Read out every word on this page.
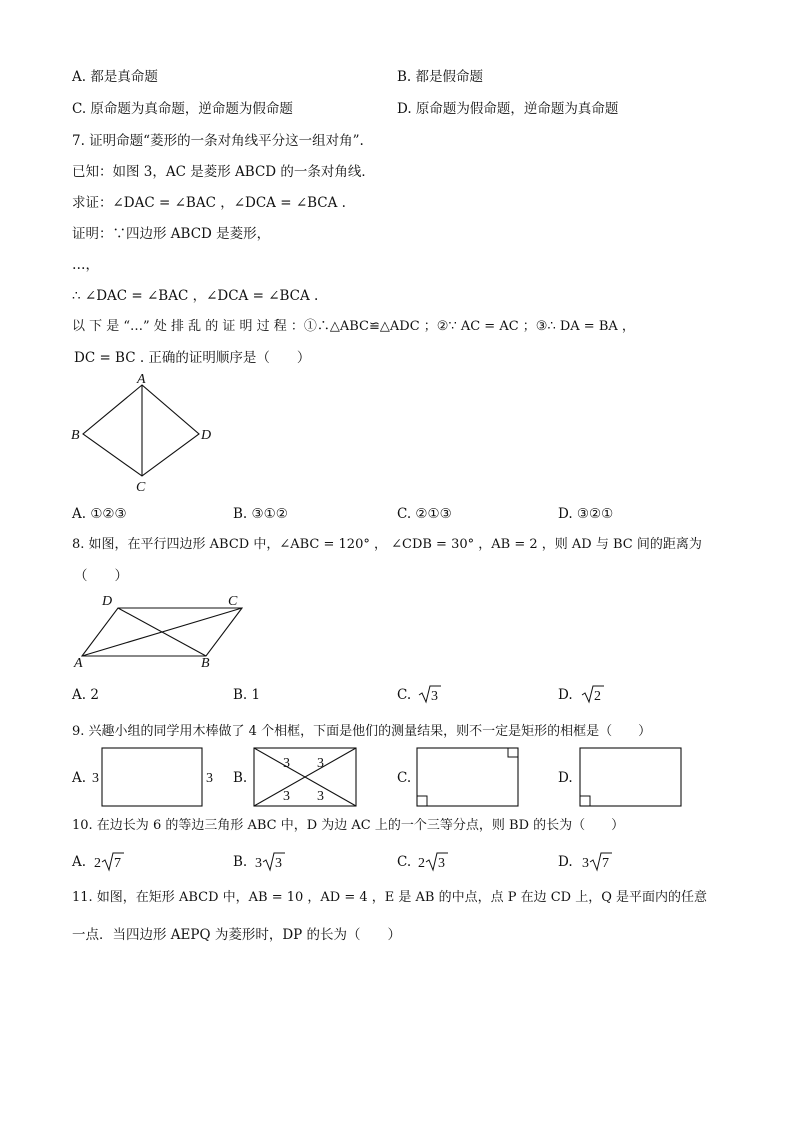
A. 都是真命题	B. 都是假命题
C. 原命题为真命题，逆命题为假命题	D. 原命题为假命题，逆命题为真命题
7. 证明命题“菱形的一条对角线平分这一组对角”.
已知：如图 3，AC 是菱形 ABCD 的一条对角线．
求证：∠DAC = ∠BAC ，∠DCA = ∠BCA .
证明：∵四边形 ABCD 是菱形，
…，
∴ ∠DAC = ∠BAC ，∠DCA = ∠BCA .
以 下 是 “…” 处 排 乱 的 证 明 过 程 ：①∴△ABC≌△ADC ；②∵ AC = AC ；③∴ DA = BA ，
DC = BC . 正确的证明顺序是（　　）
A
B
C
D
A. ①②③	B. ③①②	C. ②①③	D. ③②①
8. 如图，在平行四边形 ABCD 中，∠ABC = 120° ， ∠CDB = 30° ，AB = 2 ，则 AD 与 BC 间的距离为
（　　）
D	C
A	B
A. 2	B. 1	C. 3	D. 2
9. 兴趣小组的同学用木棒做了 4 个相框，下面是他们的测量结果，则不一定是矩形的相框是（　　）
A. 3	3 B.
3 3
3 3
C.	D.
10. 在边长为 6 的等边三角形 ABC 中，D 为边 AC 上的一个三等分点，则 BD 的长为（　　）
A. 2 7	B. 3 3	C. 2 3	D. 3 7
11. 如图，在矩形 ABCD 中，AB = 10 ，AD = 4 ，E 是 AB 的中点，点 P 在边 CD 上，Q 是平面内的任意
一点．当四边形 AEPQ 为菱形时，DP 的长为（　　）
